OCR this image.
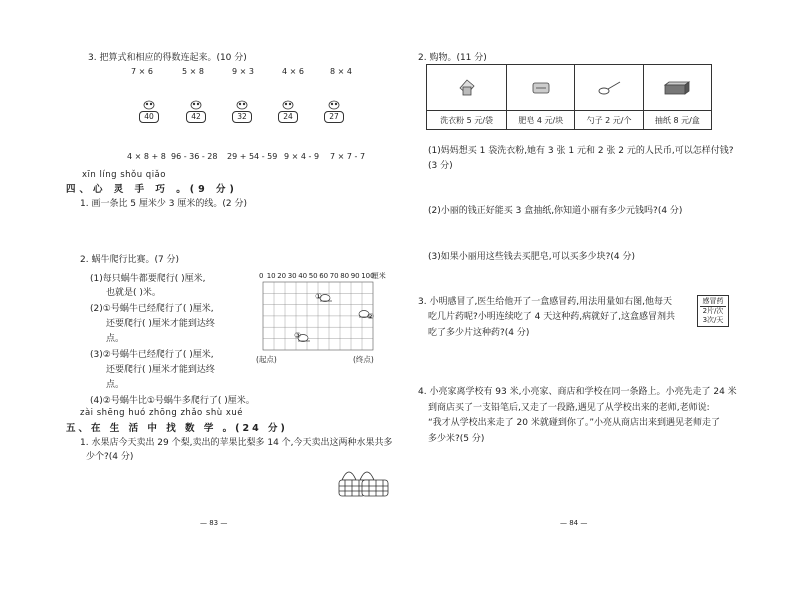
3. 把算式和相应的得数连起来。(10 分)
7 × 6	5 × 8	9 × 3	4 × 6	8 × 4
40	42	32	24	27
4 × 8 + 8 96 - 36 - 28 29 + 54 - 59 9 × 4 - 9 7 × 7 - 7
xīn líng shǒu qiǎo
四、心 灵 手 巧 。(9 分)
1. 画一条比 5 厘米少 3 厘米的线。(2 分)
2. 蜗牛爬行比赛。(7 分)
(1)每只蜗牛都要爬行( )厘米,
也就是( )米。
(2)①号蜗牛已经爬行了( )厘米,
还要爬行( )厘米才能到达终
点。
(3)②号蜗牛已经爬行了( )厘米,
还要爬行( )厘米才能到达终
点。
(4)②号蜗牛比①号蜗牛多爬行了( )厘米。
0 10 20 30 40 50 60 70 80 90 100厘米
①
②
③
(起点)	(终点)
zài shēng huó zhōng zhǎo shù xué
五、在 生 活 中 找 数 学 。(24 分)
1. 水果店今天卖出 29 个梨,卖出的苹果比梨多 14 个,今天卖出这两种水果共多
少个?(4 分)
— 83 —
2. 购物。(11 分)

洗衣粉 5 元/袋	肥皂 4 元/块	勺子 2 元/个	抽纸 8 元/盒
(1)妈妈想买 1 袋洗衣粉,她有 3 张 1 元和 2 张 2 元的人民币,可以怎样付钱?
(3 分)
(2)小丽的钱正好能买 3 盒抽纸,你知道小丽有多少元钱吗?(4 分)
(3)如果小丽用这些钱去买肥皂,可以买多少块?(4 分)
3. 小明感冒了,医生给他开了一盒感冒药,用法用量如右图,他每天
吃几片药呢?小明连续吃了 4 天这种药,病就好了,这盒感冒剂共
吃了多少片这种药?(4 分)
感冒药
2片/次
3次/天
4. 小亮家离学校有 93 米,小亮家、商店和学校在同一条路上。小亮先走了 24 米
到商店买了一支铅笔后,又走了一段路,遇见了从学校出来的老师,老师说:
“我才从学校出来走了 20 米就碰到你了。”小亮从商店出来到遇见老师走了
多少米?(5 分)
— 84 —
